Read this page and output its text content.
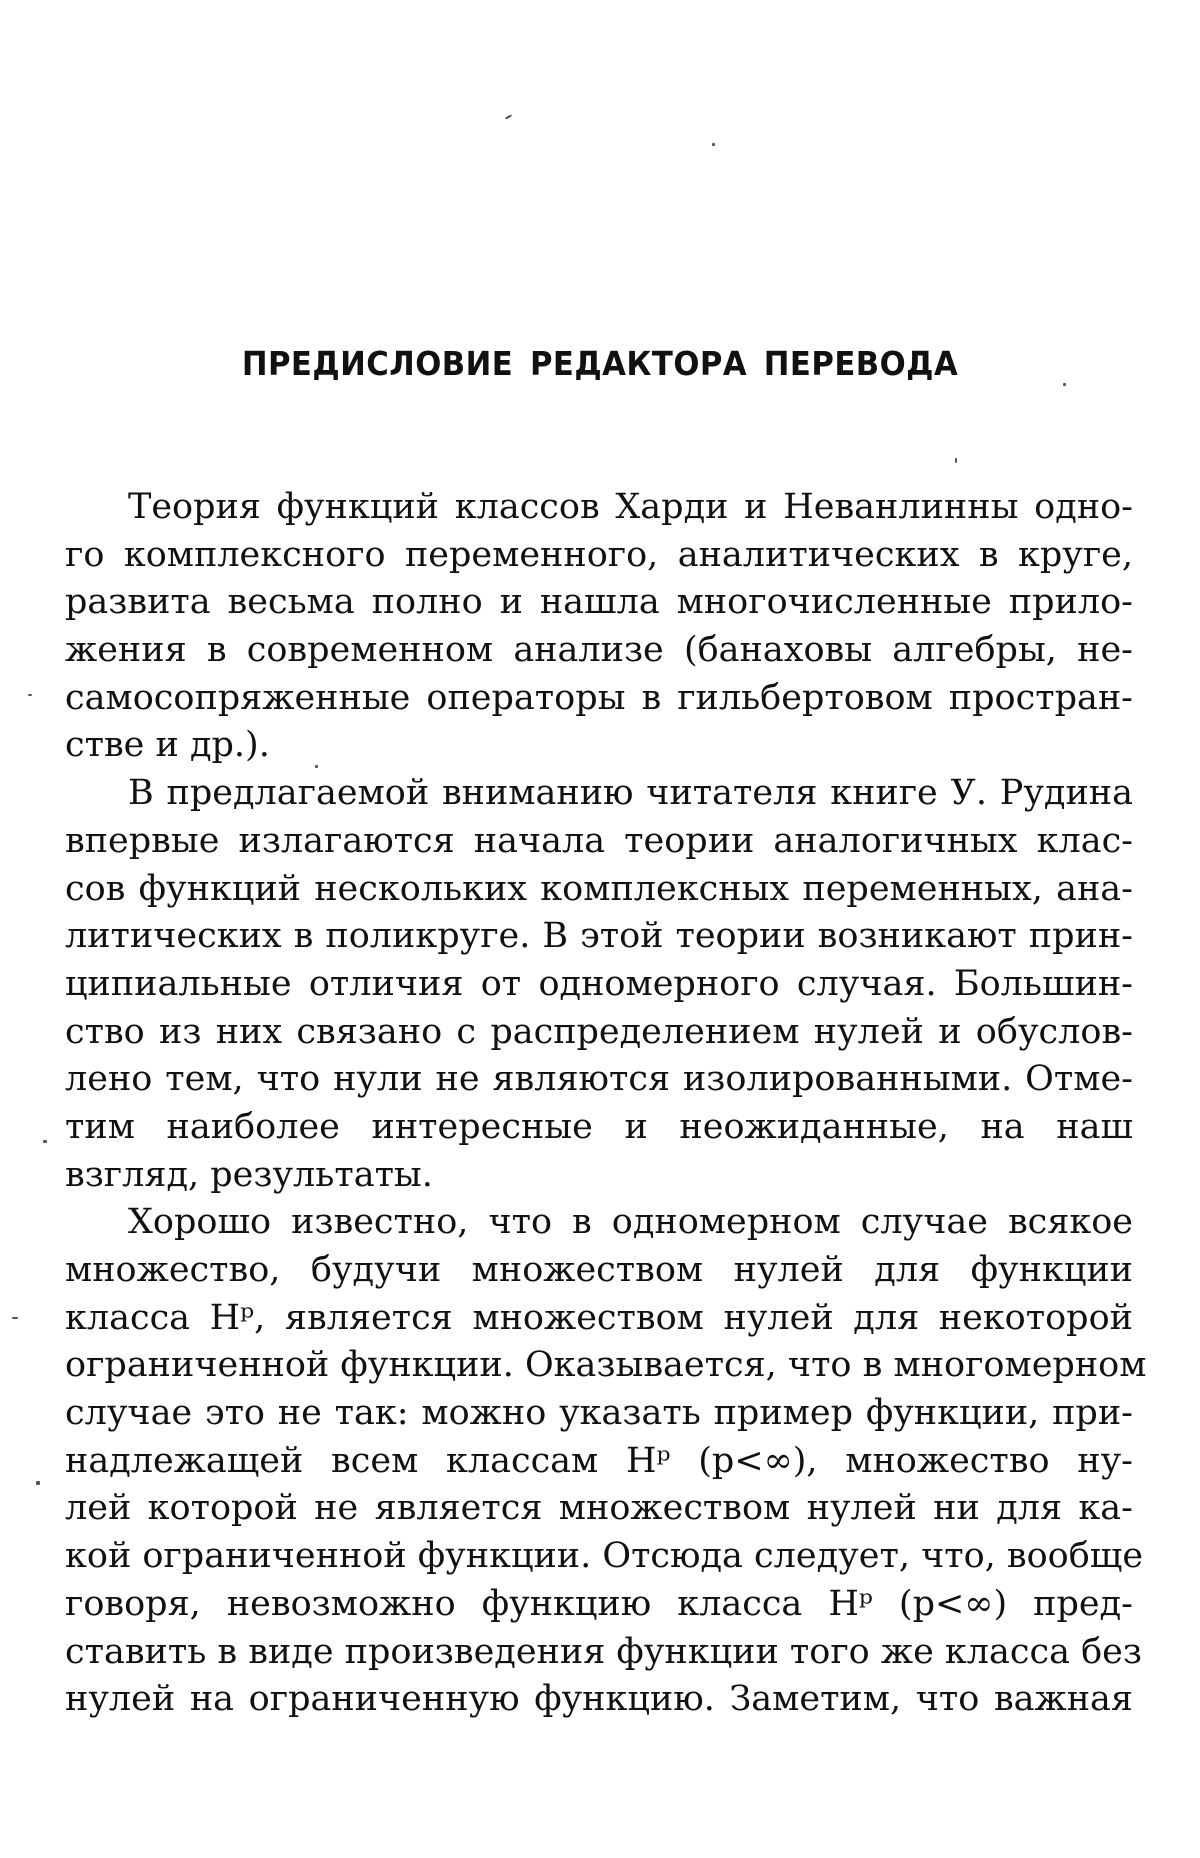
ПРЕДИСЛОВИЕ РЕДАКТОРА ПЕРЕВОДА
Теория функций классов Харди и Неванлинны одно-
го комплексного переменного, аналитических в круге,
развита весьма полно и нашла многочисленные прило-
жения в современном анализе (банаховы алгебры, не-
самосопряженные операторы в гильбертовом простран-
стве и др.).
В предлагаемой вниманию читателя книге У. Рудина
впервые излагаются начала теории аналогичных клас-
сов функций нескольких комплексных переменных, ана-
литических в поликруге. В этой теории возникают прин-
ципиальные отличия от одномерного случая. Большин-
ство из них связано с распределением нулей и обуслов-
лено тем, что нули не являются изолированными. Отме-
тим наиболее интересные и неожиданные, на наш
взгляд, результаты.
Хорошо известно, что в одномерном случае всякое
множество, будучи множеством нулей для функции
класса Hᵖ, является множеством нулей для некоторой
ограниченной функции. Оказывается, что в многомерном
случае это не так: можно указать пример функции, при-
надлежащей всем классам Hᵖ (p<∞), множество ну-
лей которой не является множеством нулей ни для ка-
кой ограниченной функции. Отсюда следует, что, вообще
говоря, невозможно функцию класса Hᵖ (p<∞) пред-
ставить в виде произведения функции того же класса без
нулей на ограниченную функцию. Заметим, что важная
